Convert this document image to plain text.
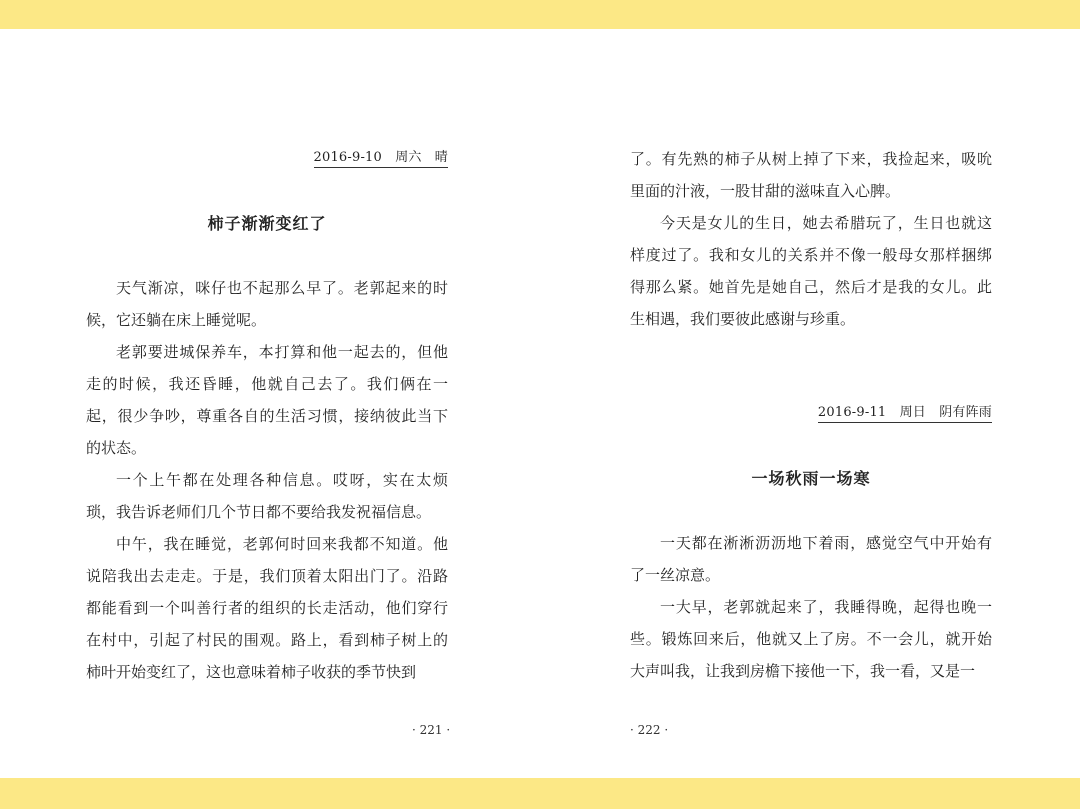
2016-9-10　周六　晴
柿子渐渐变红了
天气渐凉，咪仔也不起那么早了。老郭起来的时
候，它还躺在床上睡觉呢。
老郭要进城保养车，本打算和他一起去的，但他
走的时候，我还昏睡，他就自己去了。我们俩在一
起，很少争吵，尊重各自的生活习惯，接纳彼此当下
的状态。
一个上午都在处理各种信息。哎呀，实在太烦
琐，我告诉老师们几个节日都不要给我发祝福信息。
中午，我在睡觉，老郭何时回来我都不知道。他
说陪我出去走走。于是，我们顶着太阳出门了。沿路
都能看到一个叫善行者的组织的长走活动，他们穿行
在村中，引起了村民的围观。路上，看到柿子树上的
柿叶开始变红了，这也意味着柿子收获的季节快到
· 221 ·
了。有先熟的柿子从树上掉了下来，我捡起来，吸吮
里面的汁液，一股甘甜的滋味直入心脾。
今天是女儿的生日，她去希腊玩了，生日也就这
样度过了。我和女儿的关系并不像一般母女那样捆绑
得那么紧。她首先是她自己，然后才是我的女儿。此
生相遇，我们要彼此感谢与珍重。
2016-9-11　周日　阴有阵雨
一场秋雨一场寒
一天都在淅淅沥沥地下着雨，感觉空气中开始有
了一丝凉意。
一大早，老郭就起来了，我睡得晚，起得也晚一
些。锻炼回来后，他就又上了房。不一会儿，就开始
大声叫我，让我到房檐下接他一下，我一看，又是一
· 222 ·
